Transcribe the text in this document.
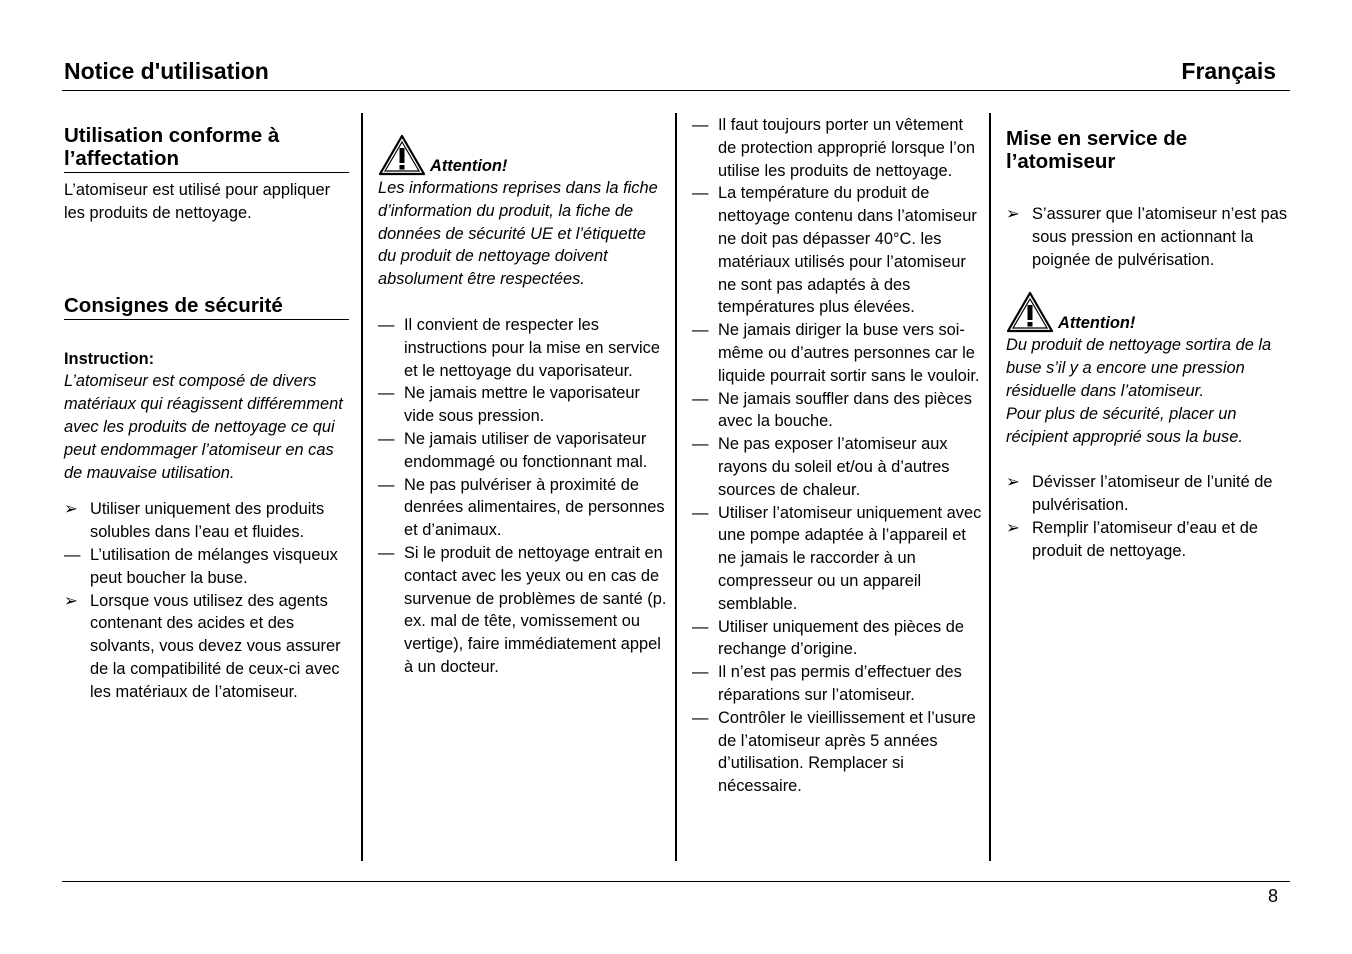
Notice d'utilisation	Français
Utilisation conforme à l’affectation

L’atomiseur est utilisé pour appliquer les produits de nettoyage.

Consignes de sécurité

Instruction:

L’atomiseur est composé de divers matériaux qui réagissent différemment avec les produits de nettoyage ce qui peut endommager l’atomiseur en cas de mauvaise utilisation.

➢ Utiliser uniquement des produits solubles dans l’eau et fluides.
— L’utilisation de mélanges visqueux peut boucher la buse.
➢ Lorsque vous utilisez des agents contenant des acides et des solvants, vous devez vous assurer de la compatibilité de ceux-ci avec les matériaux de l’atomiseur.
Attention!

Les informations reprises dans la fiche d’information du produit, la fiche de données de sécurité UE et l’étiquette du produit de nettoyage doivent absolument être respectées.

— Il convient de respecter les instructions pour la mise en service et le nettoyage du vaporisateur.
— Ne jamais mettre le vaporisateur vide sous pression.
— Ne jamais utiliser de vaporisateur endommagé ou fonctionnant mal.
— Ne pas pulvériser à proximité de denrées alimentaires, de personnes et d’animaux.
— Si le produit de nettoyage entrait en contact avec les yeux ou en cas de survenue de problèmes de santé (p. ex. mal de tête, vomissement ou vertige), faire immédiatement appel à un docteur.
— Il faut toujours porter un vêtement de protection approprié lorsque l’on utilise les produits de nettoyage.
— La température du produit de nettoyage contenu dans l’atomiseur ne doit pas dépasser 40°C. les matériaux utilisés pour l’atomiseur ne sont pas adaptés à des températures plus élevées.
— Ne jamais diriger la buse vers soi-même ou d’autres personnes car le liquide pourrait sortir sans le vouloir.
— Ne jamais souffler dans des pièces avec la bouche.
— Ne pas exposer l’atomiseur aux rayons du soleil et/ou à d’autres sources de chaleur.
— Utiliser l’atomiseur uniquement avec une pompe adaptée à l’appareil et ne jamais le raccorder à un compresseur ou un appareil semblable.
— Utiliser uniquement des pièces de rechange d’origine.
— Il n’est pas permis d’effectuer des réparations sur l’atomiseur.
— Contrôler le vieillissement et l’usure de l’atomiseur après 5 années d’utilisation. Remplacer si nécessaire.
Mise en service de l’atomiseur
➢ S’assurer que l’atomiseur n’est pas sous pression en actionnant la poignée de pulvérisation.
Attention!

Du produit de nettoyage sortira de la buse s’il y a encore une pression résiduelle dans l’atomiseur.

Pour plus de sécurité, placer un récipient approprié sous la buse.

➢ Dévisser l’atomiseur de l’unité de pulvérisation.
➢ Remplir l’atomiseur d’eau et de produit de nettoyage.
8
